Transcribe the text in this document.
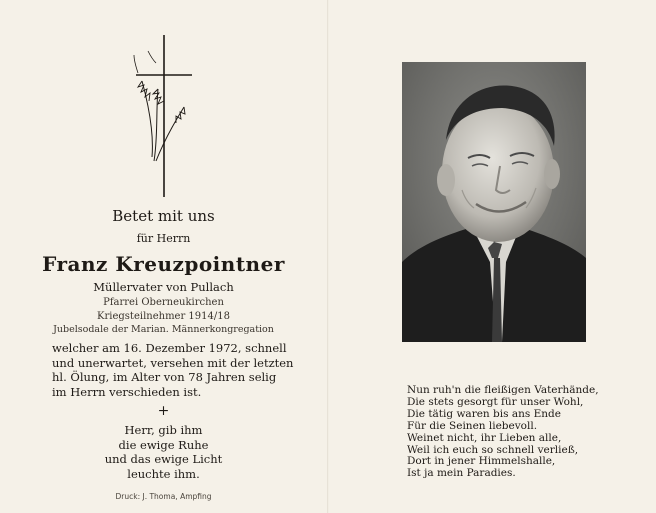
Betet mit uns
für Herrn
Franz Kreuzpointner
Müllervater von Pullach
Pfarrei Oberneukirchen
Kriegsteilnehmer 1914/18
Jubelsodale der Marian. Männerkongregation
welcher am 16. Dezember 1972, schnell
und unerwartet, versehen mit der letzten
hl. Ölung, im Alter von 78 Jahren selig
im Herrn verschieden ist.
+
Herr, gib ihm
die ewige Ruhe
und das ewige Licht
leuchte ihm.
Druck: J. Thoma, Ampfing
Nun ruh'n die fleißigen Vaterhände,
Die stets gesorgt für unser Wohl,
Die tätig waren bis ans Ende
Für die Seinen liebevoll.
Weinet nicht, ihr Lieben alle,
Weil ich euch so schnell verließ,
Dort in jener Himmelshalle,
Ist ja mein Paradies.
